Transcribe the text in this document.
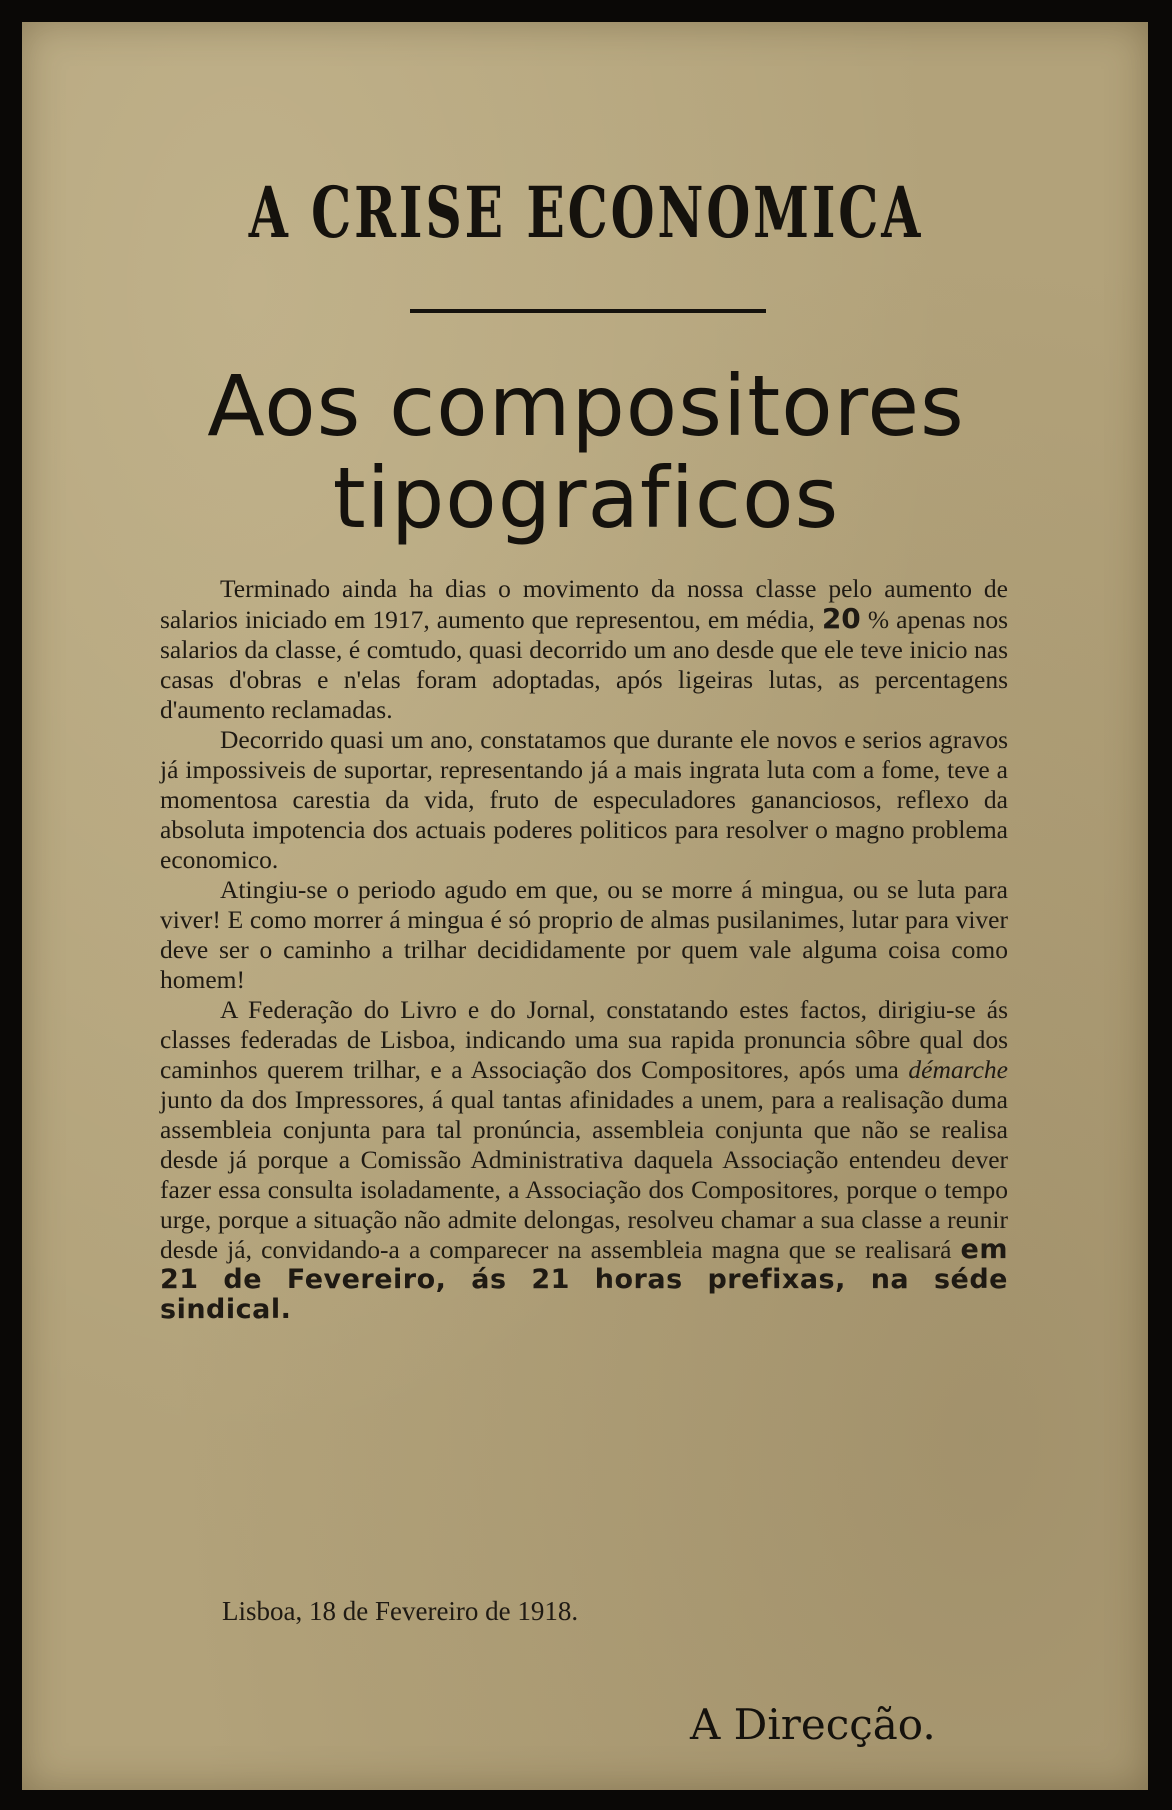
A CRISE ECONOMICA
Aos compositores
tipograficos

Terminado ainda ha dias o movimento da nossa classe pelo aumento de salarios iniciado em 1917, aumento que representou, em média, 20 % apenas nos salarios da classe, é comtudo, quasi decorrido um ano desde que ele teve inicio nas casas d'obras e n'elas foram adoptadas, após ligeiras lutas, as percentagens d'aumento reclamadas.

Decorrido quasi um ano, constatamos que durante ele novos e serios agravos já impossiveis de suportar, representando já a mais ingrata luta com a fome, teve a momentosa carestia da vida, fruto de especuladores gananciosos, reflexo da absoluta impotencia dos actuais poderes politicos para resolver o magno problema economico.

Atingiu-se o periodo agudo em que, ou se morre á mingua, ou se luta para viver! E como morrer á mingua é só proprio de almas pusilanimes, lutar para viver deve ser o caminho a trilhar decididamente por quem vale alguma coisa como homem!

A Federação do Livro e do Jornal, constatando estes factos, dirigiu-se ás classes federadas de Lisboa, indicando uma sua rapida pronuncia sôbre qual dos caminhos querem trilhar, e a Associação dos Compositores, após uma démarche junto da dos Impressores, á qual tantas afinidades a unem, para a realisação duma assembleia conjunta para tal pronúncia, assembleia conjunta que não se realisa desde já porque a Comissão Administrativa daquela Associação entendeu dever fazer essa consulta isoladamente, a Associação dos Compositores, porque o tempo urge, porque a situação não admite delongas, resolveu chamar a sua classe a reunir desde já, convidando-a a comparecer na assembleia magna que se realisará em 21 de Fevereiro, ás 21 horas prefixas, na séde sindical.

Lisboa, 18 de Fevereiro de 1918.
A Direcção.
